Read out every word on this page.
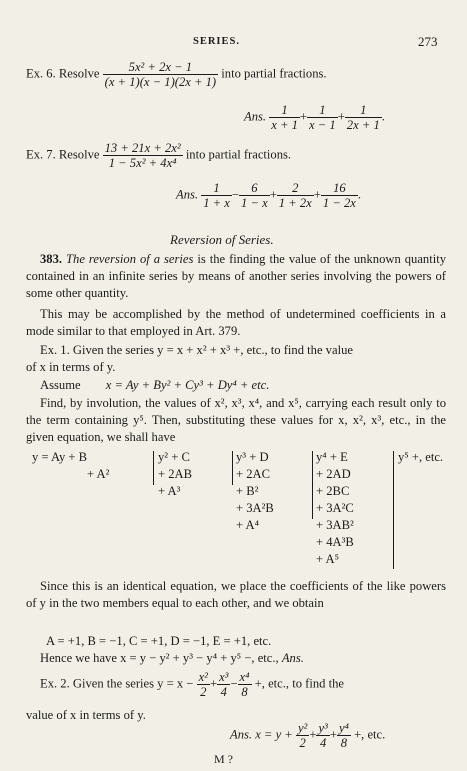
SERIES.	273
Ex. 6. Resolve $\frac{\text{5x² + 2x − 1}}{(x + 1)(x - 1)(2x + 1)}$ into partial fractions.
Ans. $\frac{1}{x + 1} + \frac{1}{x - 1} + \frac{1}{2x + 1}$ .
Ex. 7. Resolve $\frac{\text{13 + 21x + 2x²}}{\text{1 − 5x² + 4x⁴}}$ into partial fractions.
Ans. $\frac{1}{1 + x} - \frac{6}{1 - x} + \frac{2}{1 + 2x} + \frac{16}{1 - 2x}$ .
Reversion of Series.
383. The reversion of a series is the finding the value of the unknown quantity contained in an infinite series by means of another series involving the powers of some other quantity.
This may be accomplished by the method of undetermined coefficients in a mode similar to that employed in Art. 379.
Ex. 1. Given the series y = x + x² + x³ +, etc., to find the value
of x in terms of y.
Assume x = Ay + By² + Cy³ + Dy⁴ + etc.
Find, by involution, the values of x², x³, x⁴, and x⁵, carrying each result only to the term containing y⁵. Then, substituting these values for x, x², x³, etc., in the given equation, we shall have
y = Ay + B
+ A²
y² + C
+ 2AB
+ A³
y³ + D
+ 2AC
+ B²
+ 3A²B
+ A⁴
y⁴ + E
+ 2AD
+ 2BC
+ 3A²C
+ 3AB²
+ 4A³B
+ A⁵
y⁵ +, etc.
Since this is an identical equation, we place the coefficients of the like powers of y in the two members equal to each other, and we obtain
A = +1, B = −1, C = +1, D = −1, E = +1, etc.
Hence we have x = y − y² + y³ − y⁴ + y⁵ −, etc., Ans.
Ex. 2. Given the series $y = x - \frac{\text{x²}}{2} + \frac{\text{x³}}{4} - \frac{\text{x⁴}}{8}$ +, etc., to find the
value of x in terms of y.
Ans. $x = y + \frac{\text{y²}}{2} + \frac{\text{y³}}{4} + \frac{\text{y⁴}}{8}$ +, etc.
M ?
